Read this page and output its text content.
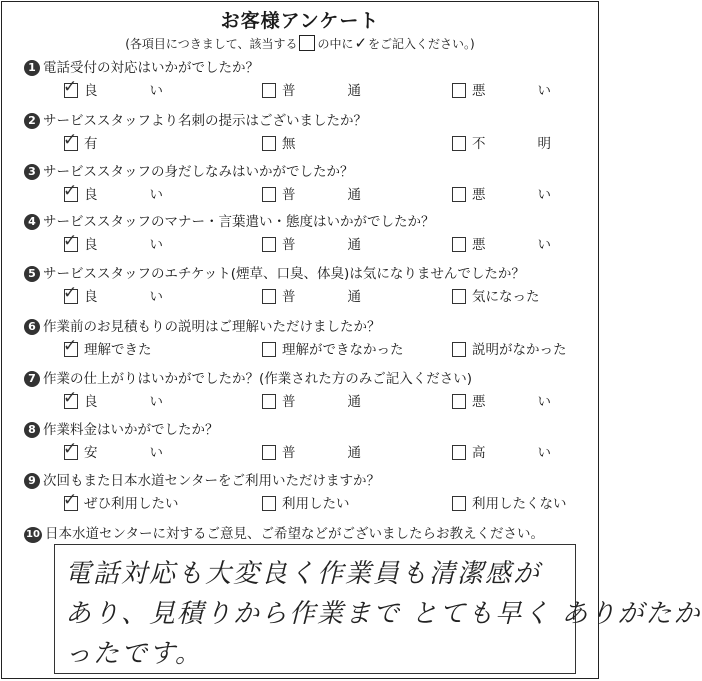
お客様アンケート
(各項目につきまして、該当する の中に✓をご記入ください。)
1 電話受付の対応はいかがでしたか？
✓ 良	い	普	通	悪	い
2 サービススタッフより名刺の提示はございましたか？
✓ 有	無	不	明
3 サービススタッフの身だしなみはいかがでしたか？
✓ 良	い	普	通	悪	い
4 サービススタッフのマナー・言葉遣い・態度はいかがでしたか？
✓ 良	い	普	通	悪	い
5 サービススタッフのエチケット(煙草、口臭、体臭)は気になりませんでしたか？
✓ 良	い	普	通	気になった
6 作業前のお見積もりの説明はご理解いただけましたか？
✓ 理解できた	理解ができなかった	説明がなかった
7 作業の仕上がりはいかがでしたか？(作業された方のみご記入ください)
✓ 良	い	普	通	悪	い
8 作業料金はいかがでしたか？
✓ 安	い	普	通	高	い
9 次回もまた日本水道センターをご利用いただけますか？
✓ ぜひ利用したい	利用したい	利用したくない
10 日本水道センターに対するご意見、ご希望などがございましたらお教えください。
電話対応も大変良く作業員も清潔感が
あり、見積りから作業まで とても早く ありがたか
ったです。
